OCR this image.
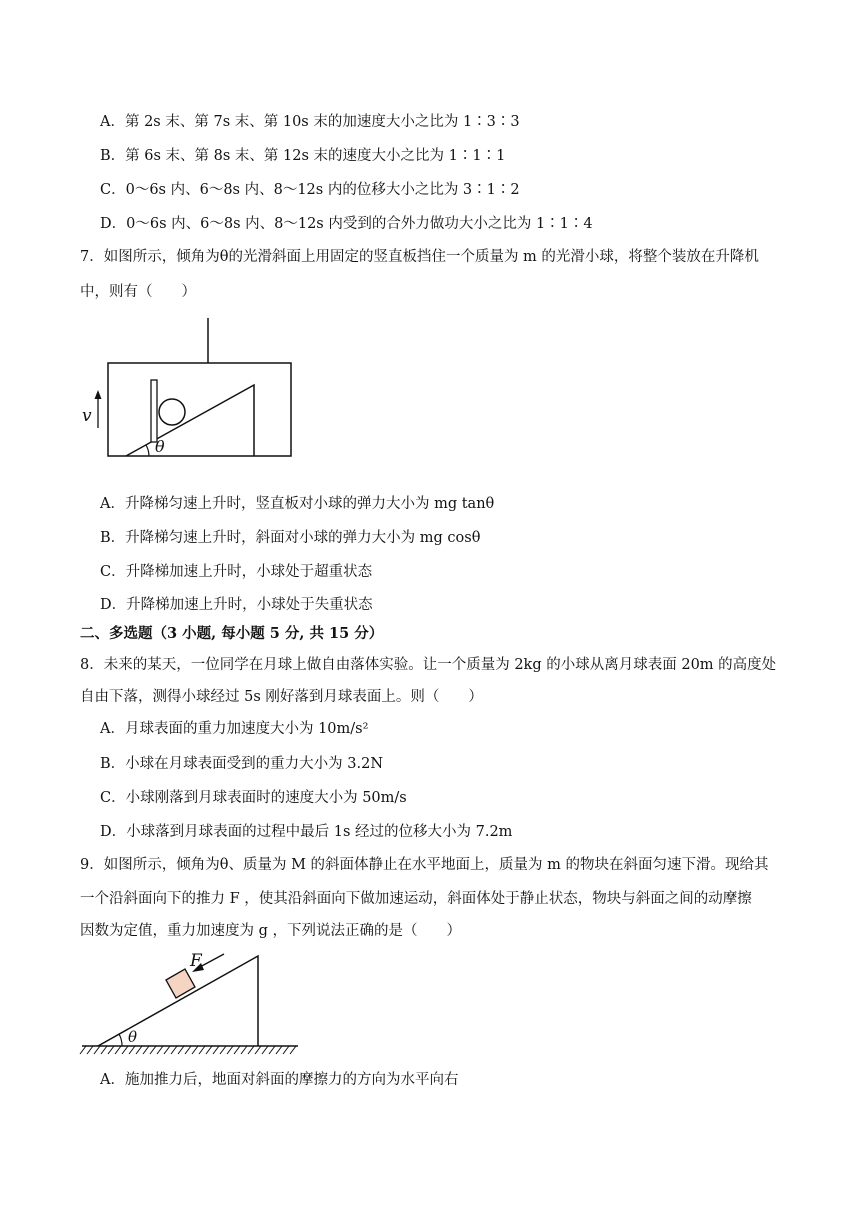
A．第 2s 末、第 7s 末、第 10s 末的加速度大小之比为 1∶3∶3
B．第 6s 末、第 8s 末、第 12s 末的速度大小之比为 1∶1∶1
C．0～6s 内、6～8s 内、8～12s 内的位移大小之比为 3∶1∶2
D．0～6s 内、6～8s 内、8～12s 内受到的合外力做功大小之比为 1∶1∶4
7．如图所示，倾角为θ的光滑斜面上用固定的竖直板挡住一个质量为 m 的光滑小球，将整个装放在升降机
中，则有（　　）
θ
v
A．升降梯匀速上升时，竖直板对小球的弹力大小为 mg tanθ
B．升降梯匀速上升时，斜面对小球的弹力大小为 mg cosθ
C．升降梯加速上升时，小球处于超重状态
D．升降梯加速上升时，小球处于失重状态
二、多选题（3 小题, 每小题 5 分, 共 15 分）
8．未来的某天，一位同学在月球上做自由落体实验。让一个质量为 2kg 的小球从离月球表面 20m 的高度处
自由下落，测得小球经过 5s 刚好落到月球表面上。则（　　）
A．月球表面的重力加速度大小为 10m/s²
B．小球在月球表面受到的重力大小为 3.2N
C．小球刚落到月球表面时的速度大小为 50m/s
D．小球落到月球表面的过程中最后 1s 经过的位移大小为 7.2m
9．如图所示，倾角为θ、质量为 M 的斜面体静止在水平地面上，质量为 m 的物块在斜面匀速下滑。现给其
一个沿斜面向下的推力 F ，使其沿斜面向下做加速运动，斜面体处于静止状态，物块与斜面之间的动摩擦
因数为定值，重力加速度为 g ，下列说法正确的是（　　）
F
θ
A．施加推力后，地面对斜面的摩擦力的方向为水平向右
